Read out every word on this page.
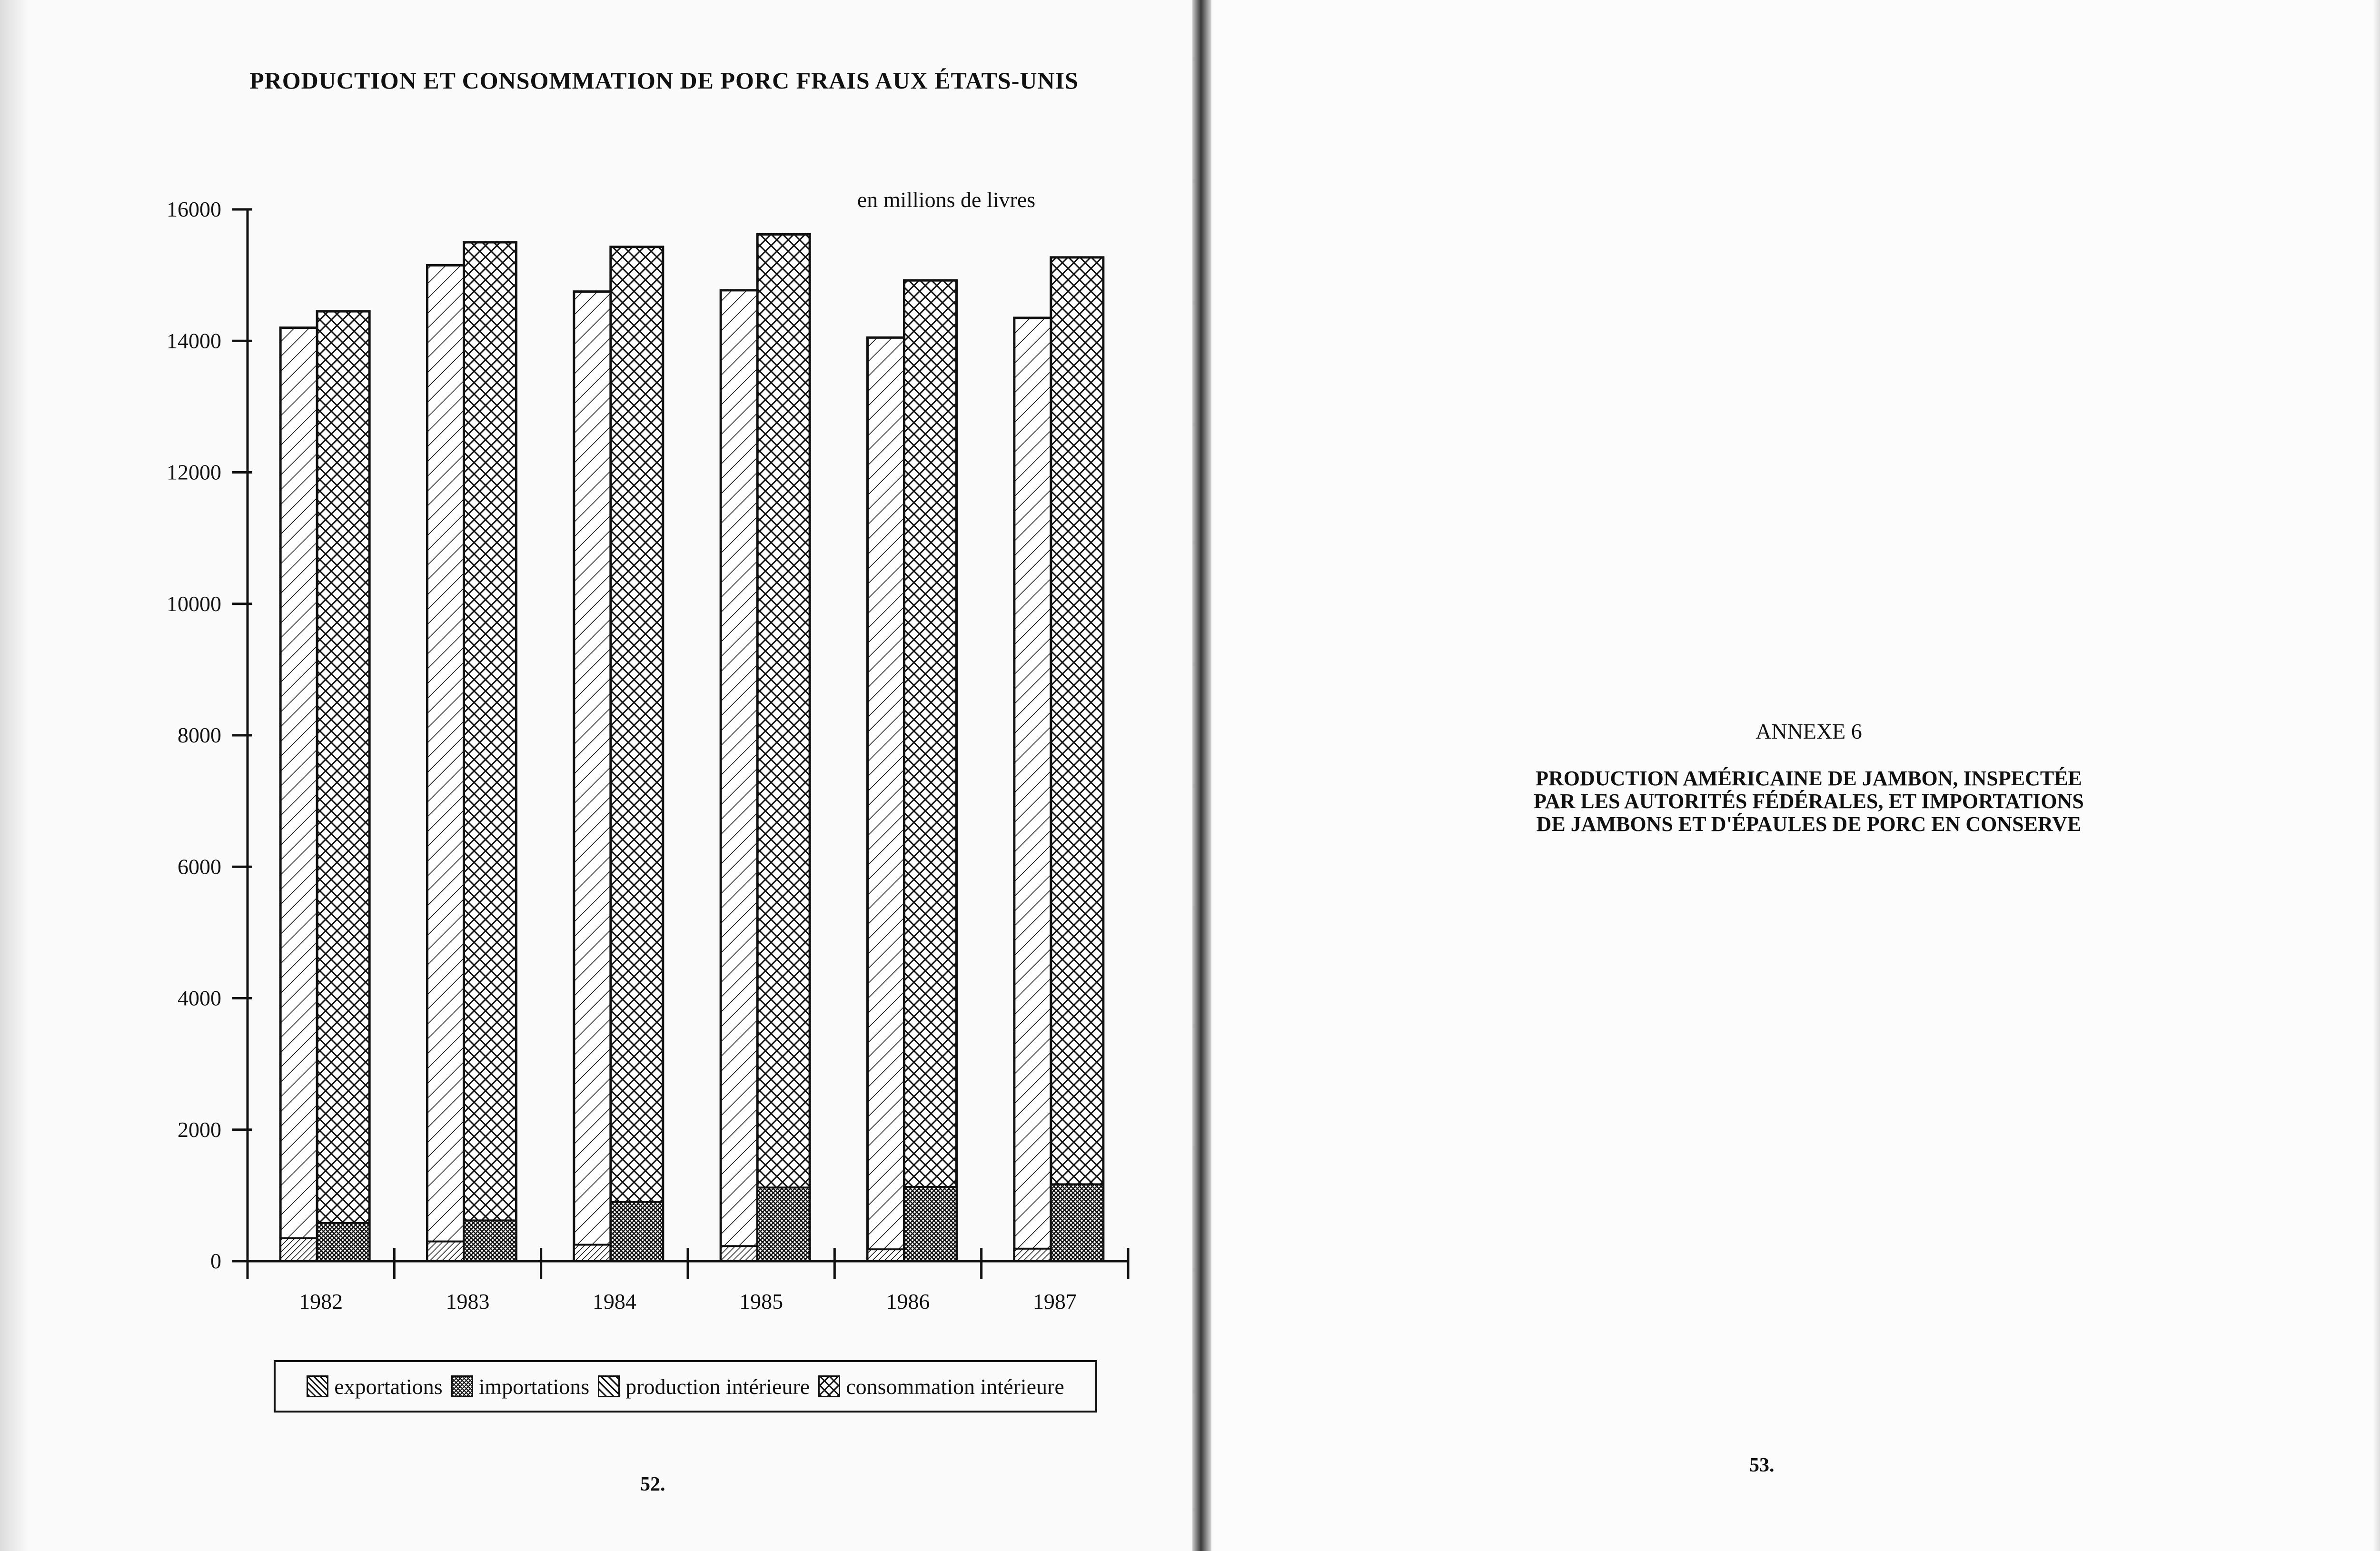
PRODUCTION ET CONSOMMATION DE PORC FRAIS AUX ÉTATS-UNIS
0
2000
4000
6000
8000
10000
12000
14000
16000
1982	1983	1984	1985	1986	1987
en millions de livres
exportations importations production intérieure consommation intérieure
52.
ANNEXE 6
PRODUCTION AMÉRICAINE DE JAMBON, INSPECTÉE
PAR LES AUTORITÉS FÉDÉRALES, ET IMPORTATIONS
DE JAMBONS ET D'ÉPAULES DE PORC EN CONSERVE
53.
